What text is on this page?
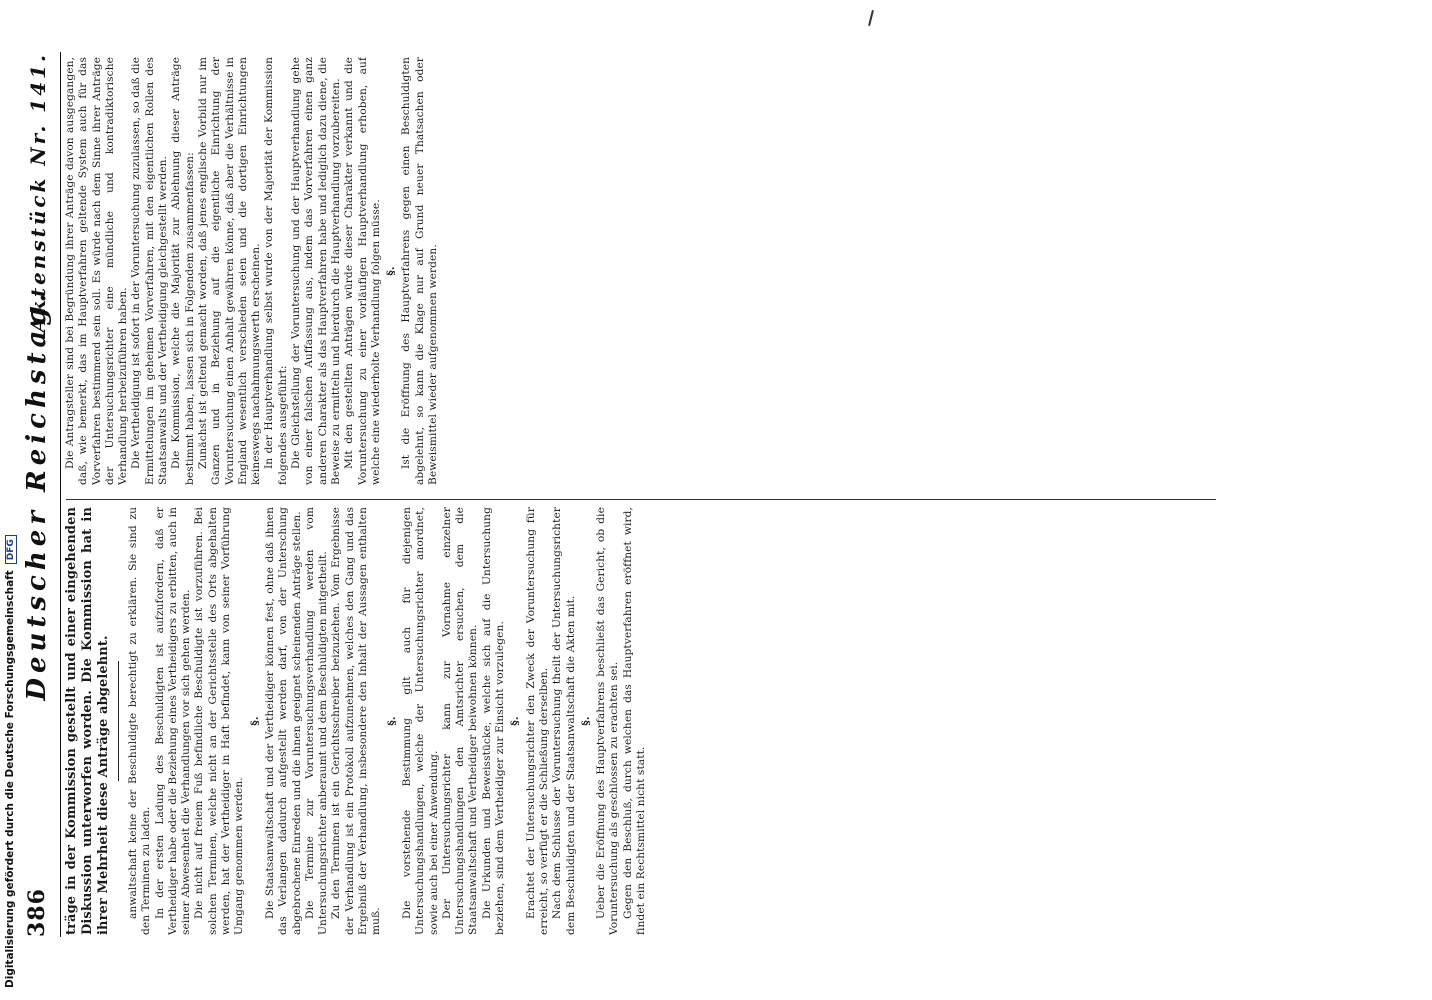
386
Deutscher Reichstag.
Aktenstück Nr. 141.

träge in der Kommission gestellt und einer eingehenden Diskussion unterworfen worden. Die Kommission hat in ihrer Mehrheit diese Anträge abgelehnt. anwaltschaft keine der Beschuldigte berechtigt zu erklären. Sie sind zu den Terminen zu laden. In der ersten Ladung des Beschuldigten ist aufzufordern, daß er Vertheidiger habe oder die Beziehung eines Vertheidigers zu erbitten, auch in seiner Abwesenheit die Verhandlungen vor sich gehen werden. Die nicht auf freiem Fuß befindliche Beschuldigte ist vorzuführen. Bei solchen Terminen, welche nicht an der Gerichtsstelle des Orts abgehalten werden, hat der Vertheidiger in Haft befindet, kann von seiner Vorführung Umgang genommen werden.

§. Die Staatsanwaltschaft und der Vertheidiger können fest, ohne daß ihnen das Verlangen dadurch aufgestellt werden darf, von der Unterschung abgebrochene Einreden und die ihnen geeignet scheinenden Anträge stellen. Die Termine zur Voruntersuchungsverhandlung werden vom Untersuchungsrichter anberaumt und dem Beschuldigten mitgetheilt. Zu den Terminen ist ein Gerichtsschreiber beizuziehen. Vom Ergebnisse der Verhandlung ist ein Protokoll aufzunehmen, welches den Gang und das Ergebniß der Verhandlung, insbesondere den Inhalt der Aussagen enthalten muß.

§. Die vorstehende Bestimmung gilt auch für diejenigen Untersuchungshandlungen, welche der Untersuchungsrichter anordnet, sowie auch bei einer Anwendung. Der Untersuchungsrichter kann zur Vornahme einzelner Untersuchungshandlungen den Amtsrichter ersuchen, dem die Staatsanwaltschaft und Vertheidiger beiwohnen können. Die Urkunden und Beweisstücke, welche sich auf die Untersuchung beziehen, sind dem Vertheidiger zur Einsicht vorzulegen. §. Erachtet der Untersuchungsrichter den Zweck der Voruntersuchung für erreicht, so verfügt er die Schließung derselben. Nach dem Schlusse der Voruntersuchung theilt der Untersuchungsrichter dem Beschuldigten und der Staatsanwaltschaft die Akten mit. §. Ueber die Eröffnung des Hauptverfahrens beschließt das Gericht, ob die Voruntersuchung als geschlossen zu erachten sei. Gegen den Beschluß, durch welchen das Hauptverfahren eröffnet wird, findet ein Rechtsmittel nicht statt.

Die Antragsteller sind bei Begründung ihrer Anträge davon ausgegangen, daß, wie bemerkt, das im Hauptverfahren geltende System auch für das Vorverfahren bestimmend sein soll. Es würde nach dem Sinne ihrer Anträge der Untersuchungsrichter eine mündliche und kontradiktorische Verhandlung herbeizuführen haben. Die Vertheidigung ist sofort in der Voruntersuchung zuzulassen, so daß die Ermittelungen im geheimen Vorverfahren, mit den eigentlichen Rollen des Staatsanwalts und der Vertheidigung gleichgestellt werden. Die Kommission, welche die Majorität zur Ablehnung dieser Anträge bestimmt haben, lassen sich in Folgendem zusammenfassen: Zunächst ist geltend gemacht worden, daß jenes englische Vorbild nur im Ganzen und in Beziehung auf die eigentliche Einrichtung der Voruntersuchung einen Anhalt gewähren könne, daß aber die Verhältnisse in England wesentlich verschieden seien und die dortigen Einrichtungen keineswegs nachahmungswerth erscheinen. In der Hauptverhandlung selbst wurde von der Majorität der Kommission folgendes ausgeführt: Die Gleichstellung der Voruntersuchung und der Hauptverhandlung gehe von einer falschen Auffassung aus, indem das Vorverfahren einen ganz anderen Charakter als das Hauptverfahren habe und lediglich dazu diene, die Beweise zu ermitteln und hierdurch die Hauptverhandlung vorzubereiten. Mit den gestellten Anträgen würde dieser Charakter verkannt und die Voruntersuchung zu einer vorläufigen Hauptverhandlung erhoben, auf welche eine wiederholte Verhandlung folgen müsse. §. Ist die Eröffnung des Hauptverfahrens gegen einen Beschuldigten abgelehnt, so kann die Klage nur auf Grund neuer Thatsachen oder Beweismittel wieder aufgenommen werden.

Digitalisierung gefördert durch die Deutsche ForschungsgemeinschaftDFG
